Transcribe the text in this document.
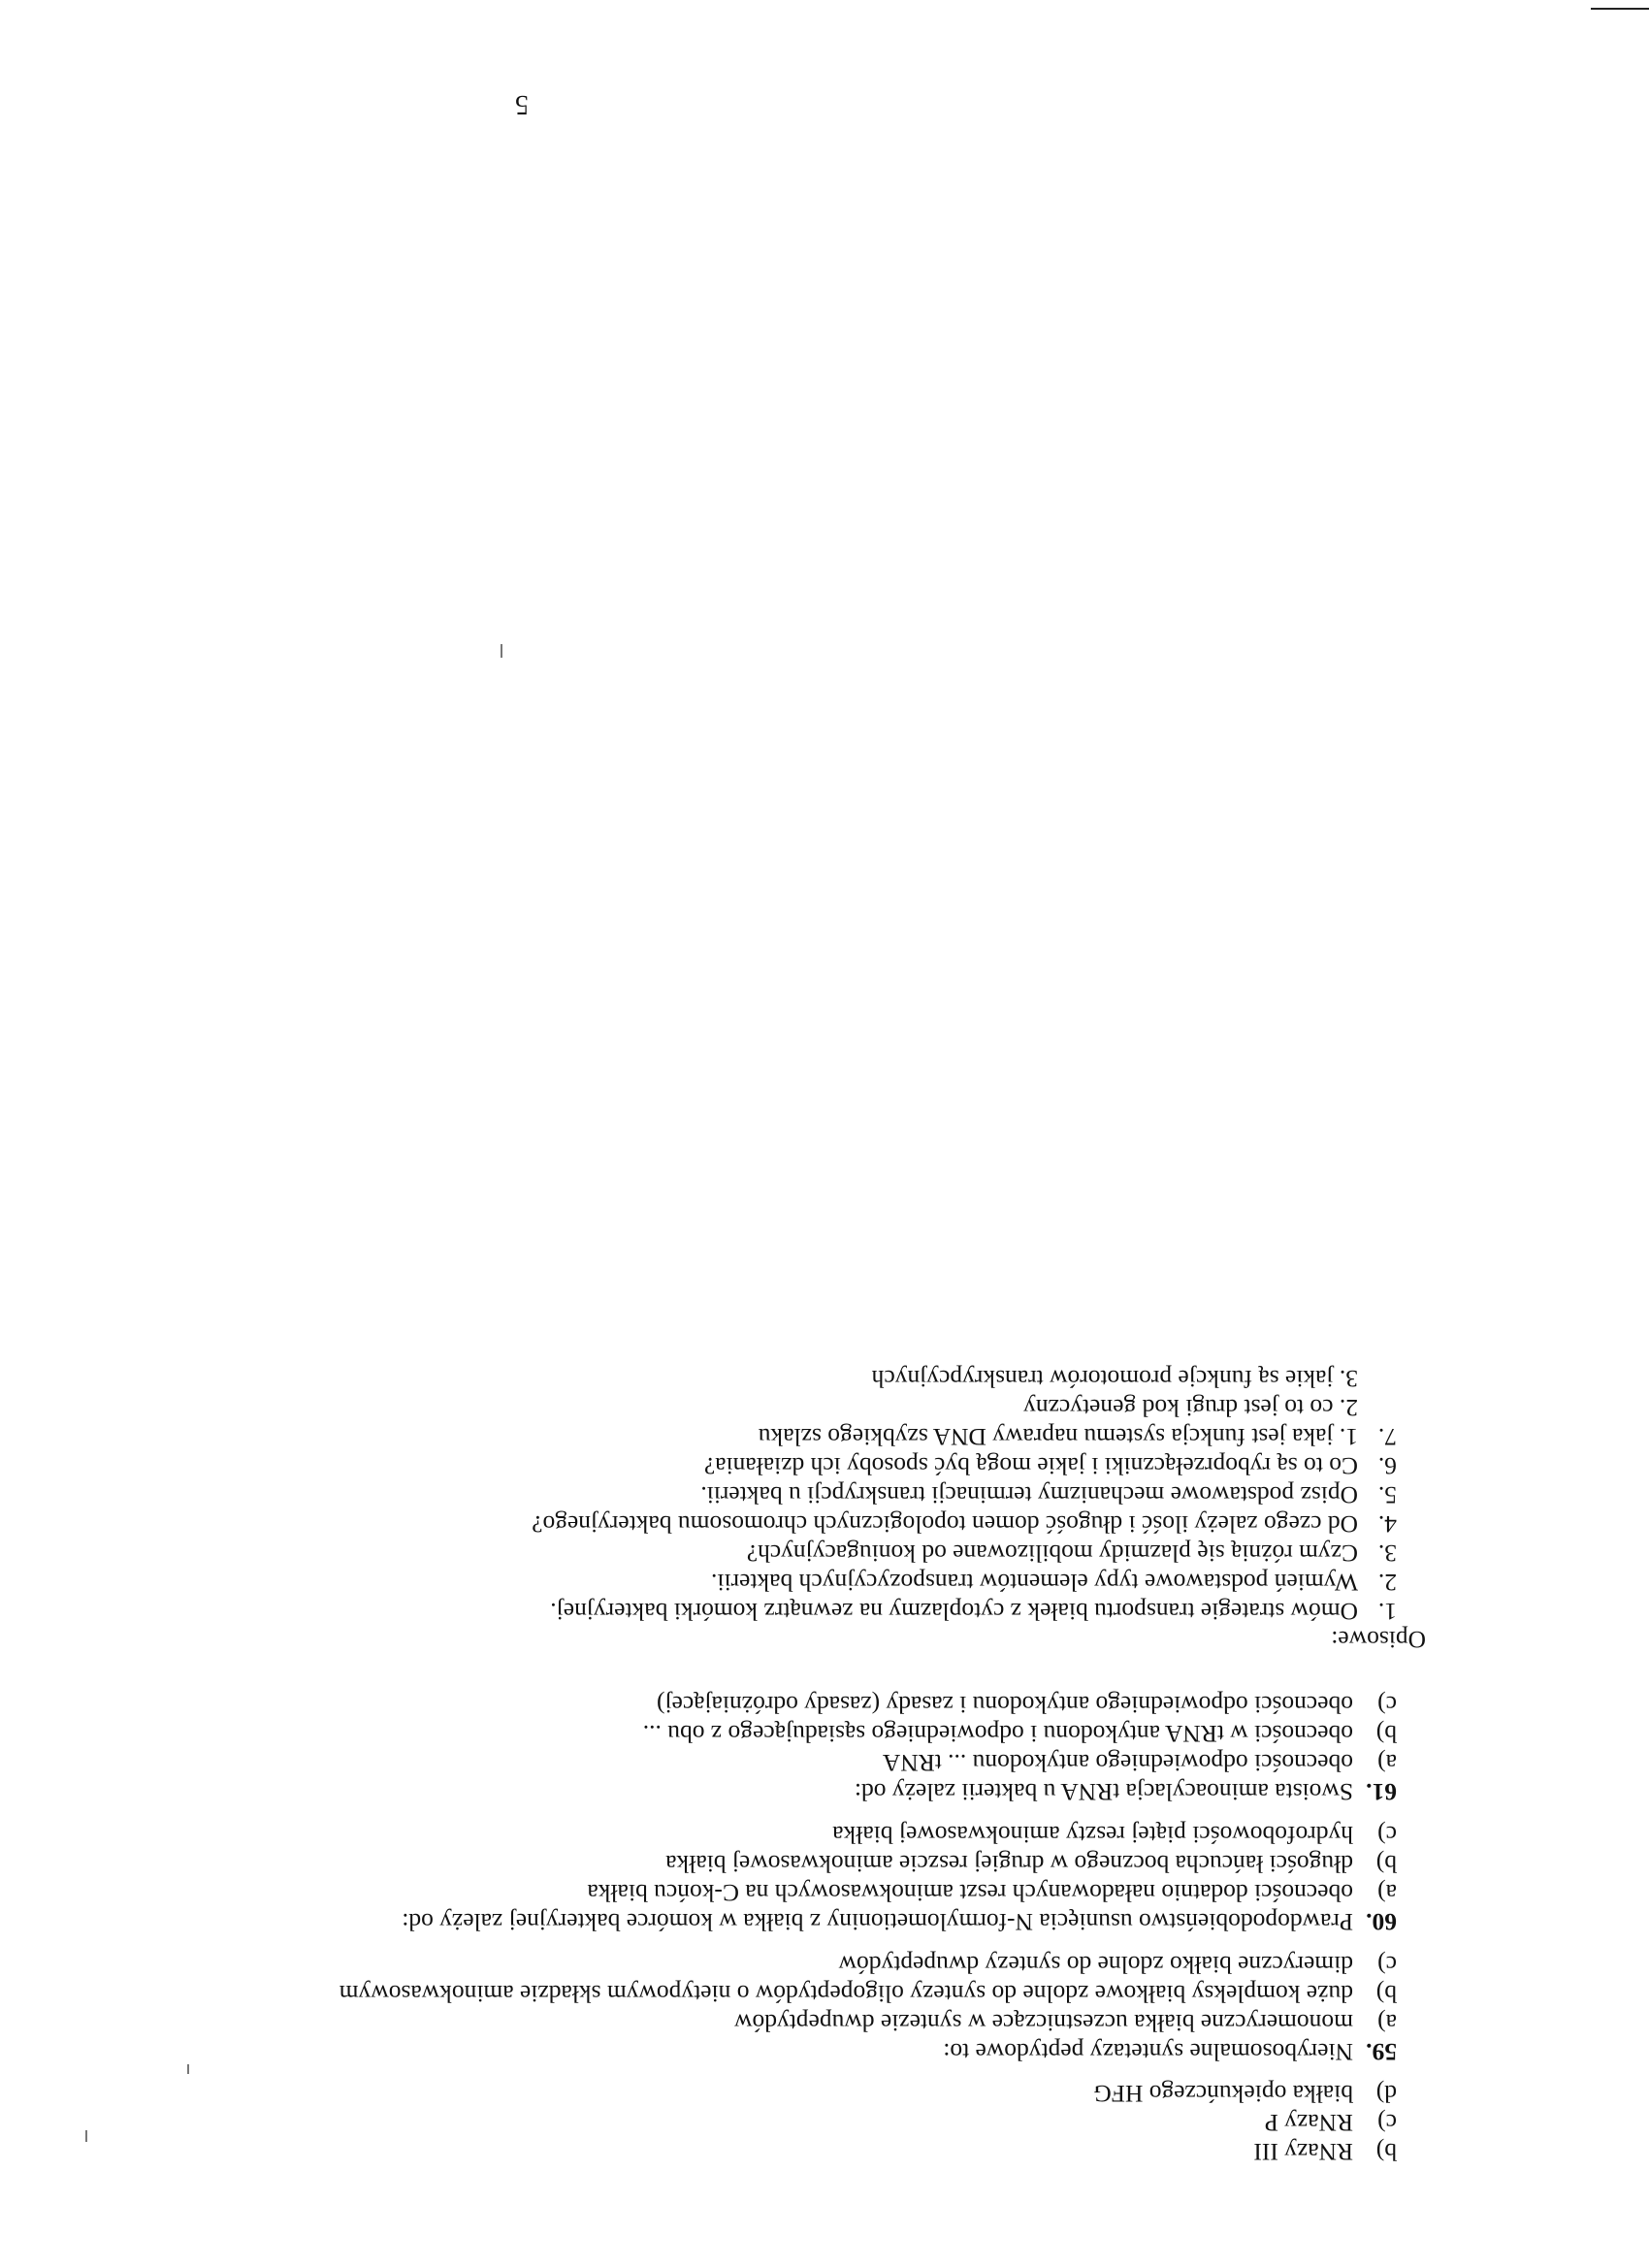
b)
RNazy III
c)
RNazy P
d)
białka opiekuńczego HFG
59.
Nierybosomalne syntetazy peptydowe to:
a)
monomeryczne białka uczestniczące w syntezie dwupeptydów
b)
duże kompleksy białkowe zdolne do syntezy oligopeptydów o nietypowym składzie aminokwasowym
c)
dimeryczne białko zdolne do syntezy dwupeptydów
60.
Prawdopodobieństwo usunięcia N-formylometioniny z białka w komórce bakteryjnej zależy od:
a)
obecności dodatnio naładowanych reszt aminokwasowych na C-końcu białka
b)
długości łańcucha bocznego w drugiej reszcie aminokwasowej białka
c)
hydrofobowości piątej reszty aminokwasowej białka
61.
Swoista aminoacylacja tRNA u bakterii zależy od:
a)
obecności odpowiedniego antykodonu ... tRNA
b)
obecności w tRNA antykodonu i odpowiedniego sąsiadującego z obu ...
c)
obecności odpowiedniego antykodonu i zasady (zasady odróżniającej)
Opisowe:
1.
Omów strategie transportu białek z cytoplazmy na zewnątrz komórki bakteryjnej.
2.
Wymień podstawowe typy elementów transpozycyjnych bakterii.
3.
Czym różnią się plazmidy mobilizowane od koniugacyjnych?
4.
Od czego zależy ilość i długość domen topologicznych chromosomu bakteryjnego?
5.
Opisz podstawowe mechanizmy terminacji transkrypcji u bakterii.
6.
Co to są ryboprzełączniki i jakie mogą być sposoby ich działania?
7.
1. jaka jest funkcja systemu naprawy DNA szybkiego szlaku
2. co to jest drugi kod genetyczny
3. jakie są funkcje promotorów transkrypcyjnych
5
